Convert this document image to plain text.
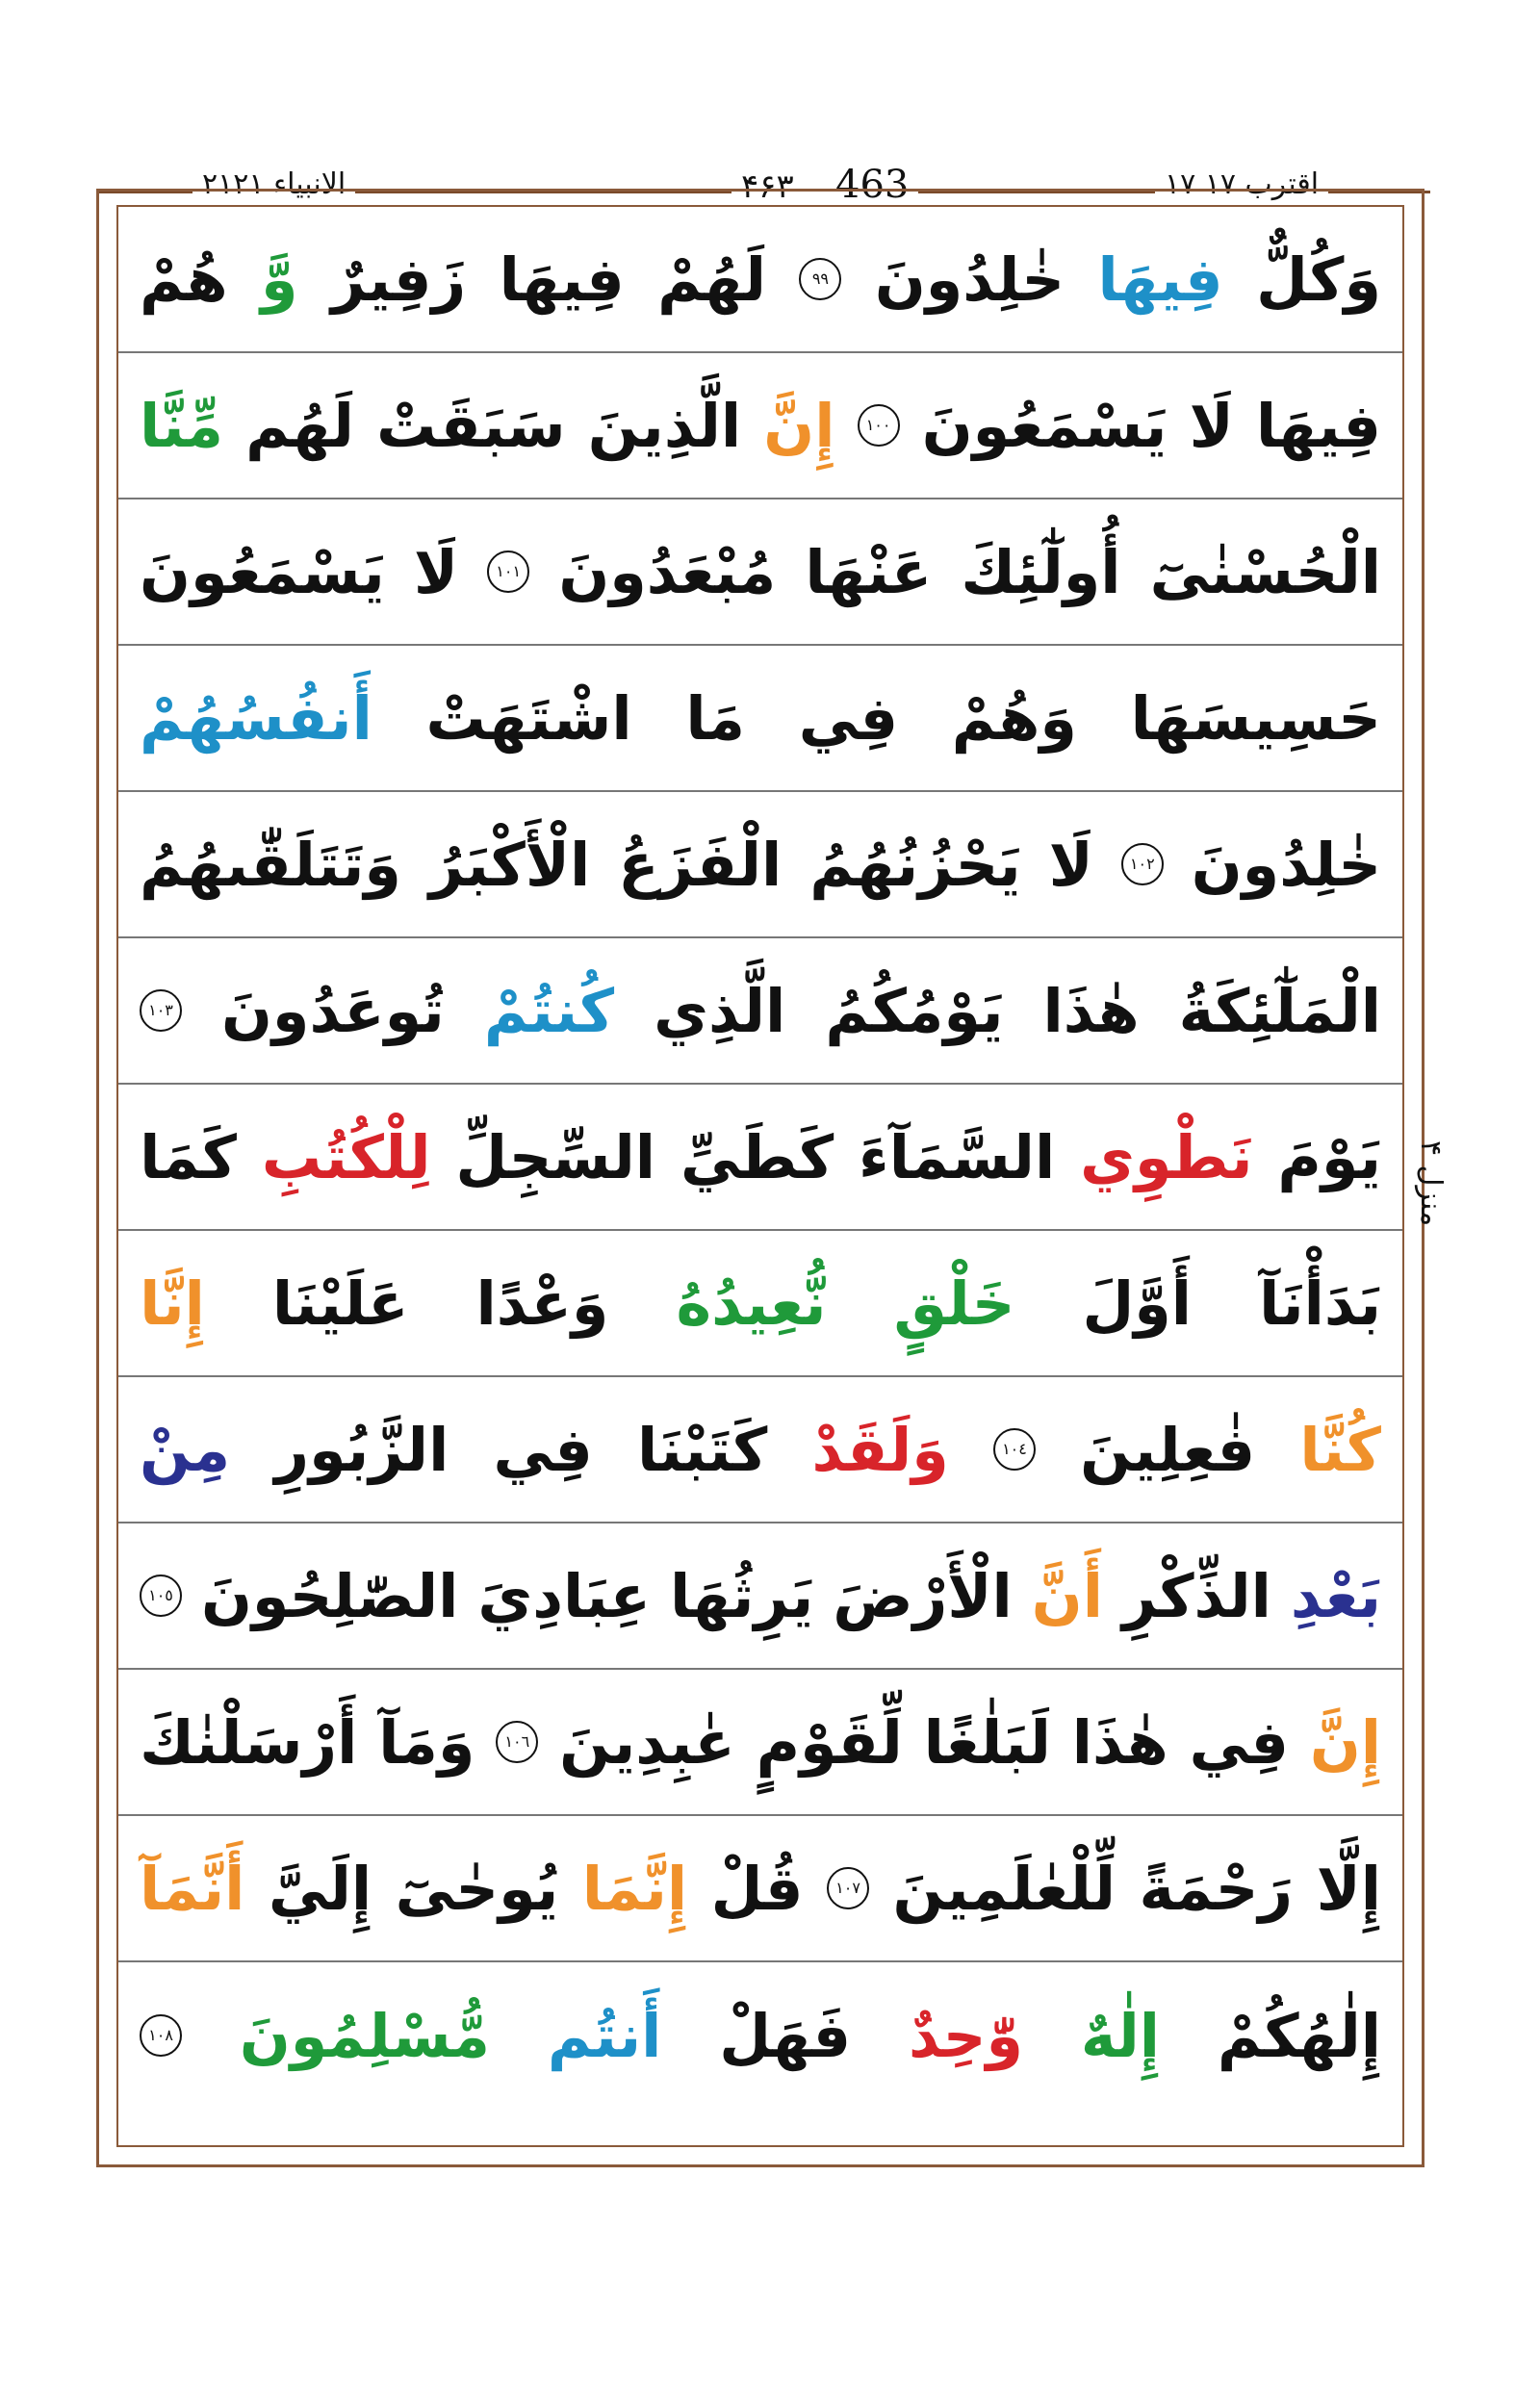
۲۱الانبیاء ۲۱	۴۶۳ 463	۱۷ اقترب ۱۷
وَكُلٌّ
فِيهَا
خٰلِدُونَ
٩٩
لَهُمْ
فِيهَا
زَفِيرٌ
وَّ
هُمْ
فِيهَا
لَا
يَسْمَعُونَ
١٠٠
إِنَّ
الَّذِينَ
سَبَقَتْ
لَهُم
مِّنَّا
الْحُسْنٰىٓ
أُولٰٓئِكَ
عَنْهَا
مُبْعَدُونَ
١٠١
لَا
يَسْمَعُونَ
حَسِيسَهَا
وَهُمْ
فِي
مَا
اشْتَهَتْ
أَنفُسُهُمْ
خٰلِدُونَ
١٠٢
لَا
يَحْزُنُهُمُ
الْفَزَعُ
الْأَكْبَرُ
وَتَتَلَقّٰىهُمُ
الْمَلٰٓئِكَةُ
هٰذَا
يَوْمُكُمُ
الَّذِي
كُنتُمْ
تُوعَدُونَ
١٠٣
يَوْمَ
نَطْوِي
السَّمَآءَ
كَطَيِّ
السِّجِلِّ
لِلْكُتُبِ
كَمَا
بَدَأْنَآ
أَوَّلَ
خَلْقٍ
نُّعِيدُهُ
وَعْدًا
عَلَيْنَا
إِنَّا
كُنَّا
فٰعِلِينَ
١٠٤
وَلَقَدْ
كَتَبْنَا
فِي
الزَّبُورِ
مِنْ
بَعْدِ
الذِّكْرِ
أَنَّ
الْأَرْضَ
يَرِثُهَا
عِبَادِيَ
الصّٰلِحُونَ
١٠٥
إِنَّ
فِي
هٰذَا
لَبَلٰغًا
لِّقَوْمٍ
عٰبِدِينَ
١٠٦
وَمَآ
أَرْسَلْنٰكَ
إِلَّا
رَحْمَةً
لِّلْعٰلَمِينَ
١٠٧
قُلْ
إِنَّمَا
يُوحٰىٓ
إِلَيَّ
أَنَّمَآ
إِلٰهُكُمْ
إِلٰهٌ
وّٰحِدٌ
فَهَلْ
أَنتُم
مُّسْلِمُونَ
١٠٨
منزل ۴
